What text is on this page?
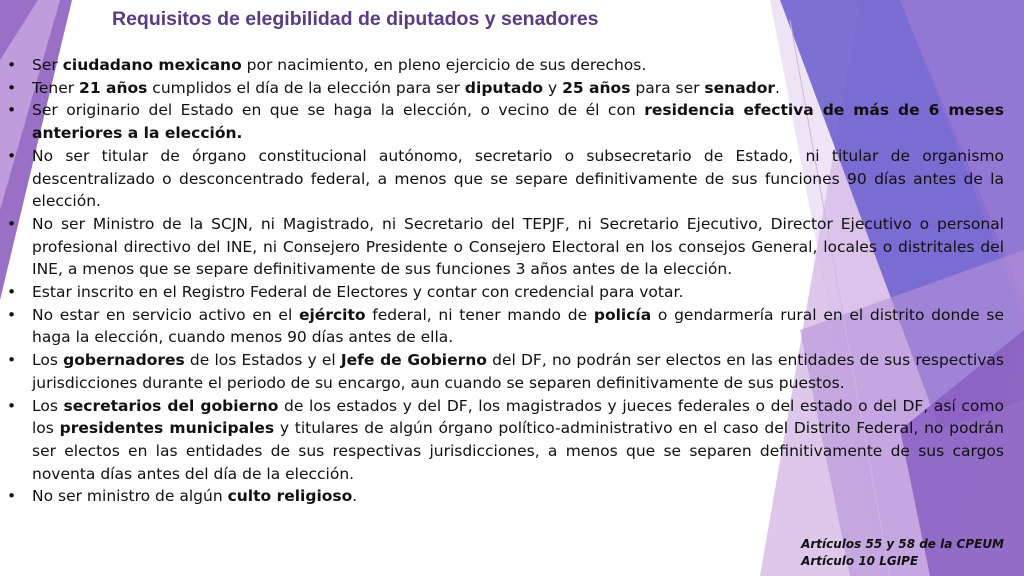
Requisitos de elegibilidad de diputados y senadores
• Ser ciudadano mexicano por nacimiento, en pleno ejercicio de sus derechos.
• Tener 21 años cumplidos el día de la elección para ser diputado y 25 años para ser senador.
• Ser originario del Estado en que se haga la elección, o vecino de él con residencia efectiva de más de 6 meses anteriores a la elección.
• No ser titular de órgano constitucional autónomo, secretario o subsecretario de Estado, ni titular de organismo descentralizado o desconcentrado federal, a menos que se separe definitivamente de sus funciones 90 días antes de la elección.
• No ser Ministro de la SCJN, ni Magistrado, ni Secretario del TEPJF, ni Secretario Ejecutivo, Director Ejecutivo o personal profesional directivo del INE, ni Consejero Presidente o Consejero Electoral en los consejos General, locales o distritales del INE, a menos que se separe definitivamente de sus funciones 3 años antes de la elección.
• Estar inscrito en el Registro Federal de Electores y contar con credencial para votar.
• No estar en servicio activo en el ejército federal, ni tener mando de policía o gendarmería rural en el distrito donde se haga la elección, cuando menos 90 días antes de ella.
• Los gobernadores de los Estados y el Jefe de Gobierno del DF, no podrán ser electos en las entidades de sus respectivas jurisdicciones durante el periodo de su encargo, aun cuando se separen definitivamente de sus puestos.
• Los secretarios del gobierno de los estados y del DF, los magistrados y jueces federales o del estado o del DF, así como los presidentes municipales y titulares de algún órgano político-administrativo en el caso del Distrito Federal, no podrán ser electos en las entidades de sus respectivas jurisdicciones, a menos que se separen definitivamente de sus cargos noventa días antes del día de la elección.
• No ser ministro de algún culto religioso.
Artículos 55 y 58 de la CPEUM
Artículo 10 LGIPE
